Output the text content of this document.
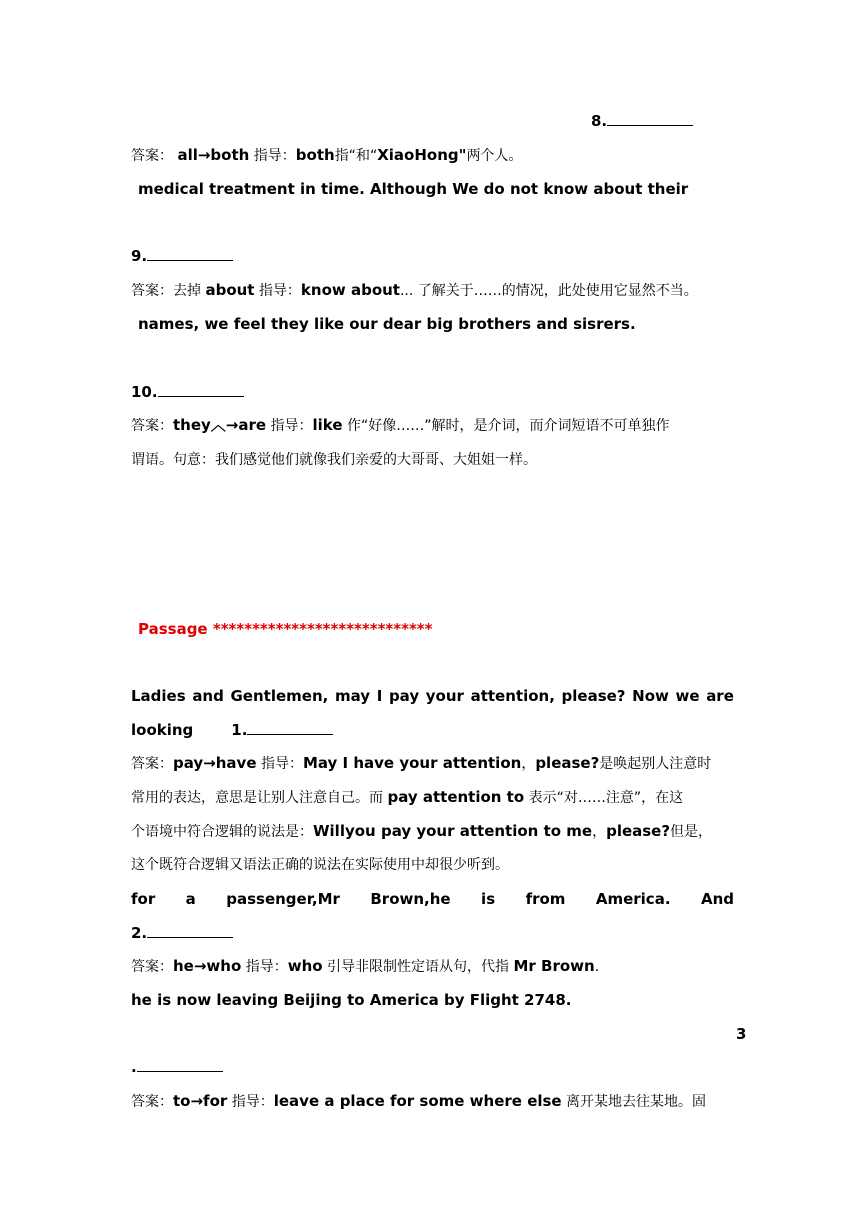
8.
答案： all→both 指导：both指“和“XiaoHong"两个人。
medical treatment in time. Although We do not know about their
9.
答案：去掉 about 指导：know about... 了解关于……的情况，此处使用它显然不当。
names, we feel they like our dear big brothers and sisrers.
10.
答案：they︿→are 指导：like 作“好像……”解时，是介词，而介词短语不可单独作
谓语。句意：我们感觉他们就像我们亲爱的大哥哥、大姐姐一样。
Passage ****************************
Ladies and Gentlemen, may I pay your attention, please? Now we are
looking	1.
答案：pay→have 指导：May I have your attention，please?是唤起别人注意时
常用的表达，意思是让别人注意自己。而 pay attention to 表示“对……注意”，在这
个语境中符合逻辑的说法是：Willyou pay your attention to me，please?但是，
这个既符合逻辑又语法正确的说法在实际使用中却很少听到。
for a passenger,Mr Brown,he is from America. And
2.
答案：he→who 指导：who 引导非限制性定语从句，代指 Mr Brown.
he is now leaving Beijing to America by Flight 2748.
3
.
答案：to→for 指导：leave a place for some where else 离开某地去往某地。固
